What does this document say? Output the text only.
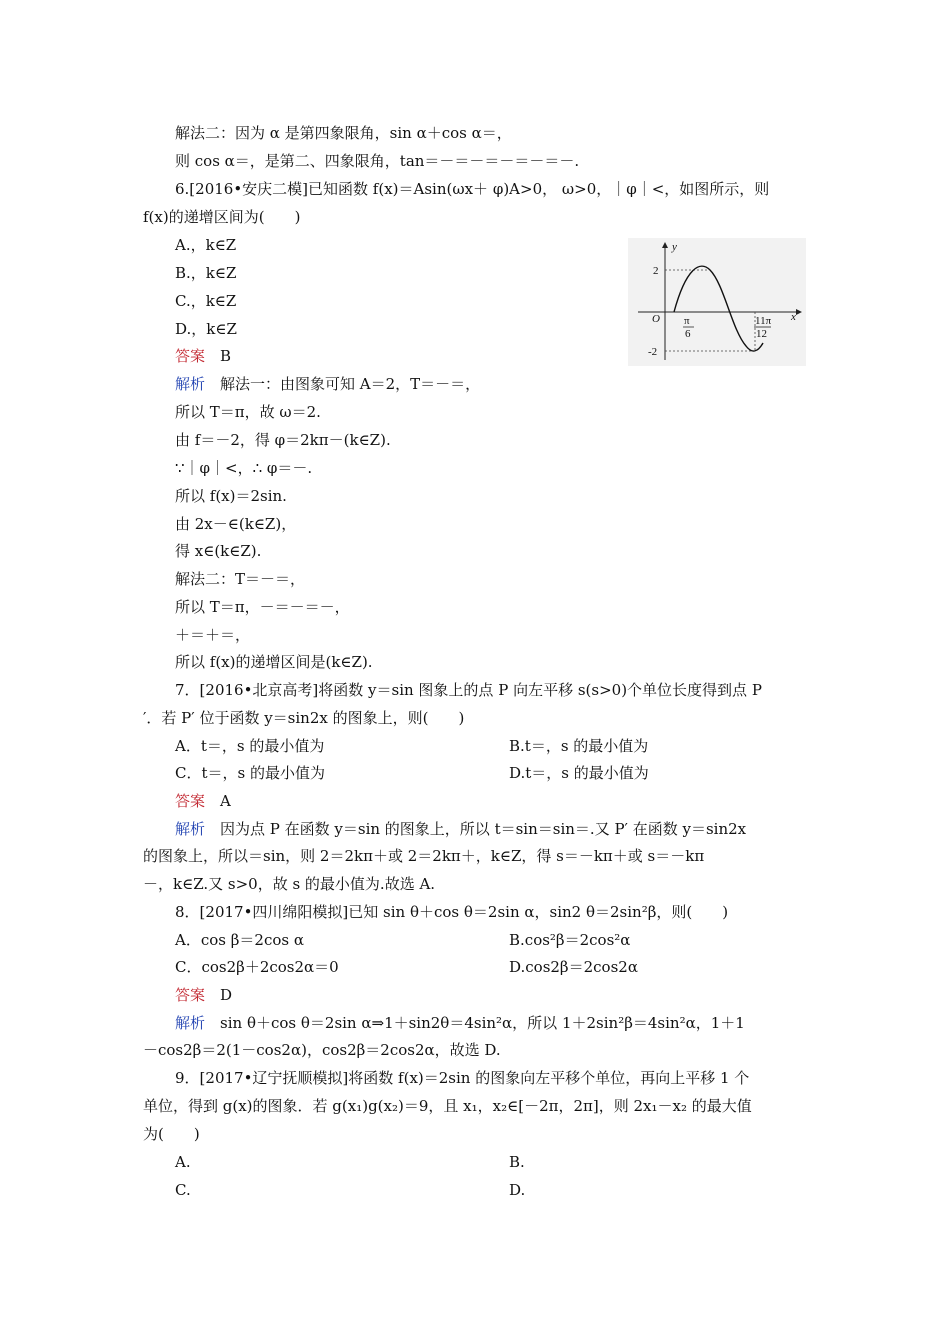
解法二：因为 α 是第四象限角，sin α＋cos α＝，
则 cos α＝，是第二、四象限角，tan＝－＝－＝－＝－＝－.
6.[2016•安庆二模]已知函数 f(x)＝Asin(ωx＋ φ)A>0， ω>0，｜φ｜<，如图所示，则
f(x)的递增区间为(　　)
A.，k∈Z
B.，k∈Z
C.，k∈Z
D.，k∈Z
答案　B
解析　解法一：由图象可知 A＝2，T＝－＝，
所以 T＝π，故 ω＝2.
由 f＝－2，得 φ＝2kπ－(k∈Z).
∵｜φ｜<，∴ φ＝－.
所以 f(x)＝2sin.
由 2x－∈(k∈Z)，
得 x∈(k∈Z).
解法二：T＝－＝，
所以 T＝π，－＝－＝－，
＋＝＋＝，
所以 f(x)的递增区间是(k∈Z).
7．[2016•北京高考]将函数 y＝sin 图象上的点 P 向左平移 s(s>0)个单位长度得到点 P
′．若 P′ 位于函数 y＝sin2x 的图象上，则(　　)
A．t＝，s 的最小值为	B.t＝，s 的最小值为
C．t＝，s 的最小值为	D.t＝，s 的最小值为
答案　A
解析　因为点 P 在函数 y＝sin 的图象上，所以 t＝sin＝sin＝.又 P′ 在函数 y＝sin2x
的图象上，所以＝sin，则 2＝2kπ＋或 2＝2kπ＋，k∈Z，得 s＝－kπ＋或 s＝－kπ
－，k∈Z.又 s>0，故 s 的最小值为.故选 A.
8．[2017•四川绵阳模拟]已知 sin θ＋cos θ＝2sin α，sin2 θ＝2sin²β，则(　　)
A．cos β＝2cos α	B.cos²β＝2cos²α
C．cos2β＋2cos2α＝0	D.cos2β＝2cos2α
答案　D
解析　sin θ＋cos θ＝2sin α⇒1＋sin2θ＝4sin²α，所以 1＋2sin²β＝4sin²α，1＋1
－cos2β＝2(1－cos2α)，cos2β＝2cos2α，故选 D.
9．[2017•辽宁抚顺模拟]将函数 f(x)＝2sin 的图象向左平移个单位，再向上平移 1 个
单位，得到 g(x)的图象．若 g(x₁)g(x₂)＝9，且 x₁，x₂∈[－2π，2π]，则 2x₁－x₂ 的最大值
为(　　)
A.	B.
C.	D.
y
x
O
2
-2
π
6
11π
12
